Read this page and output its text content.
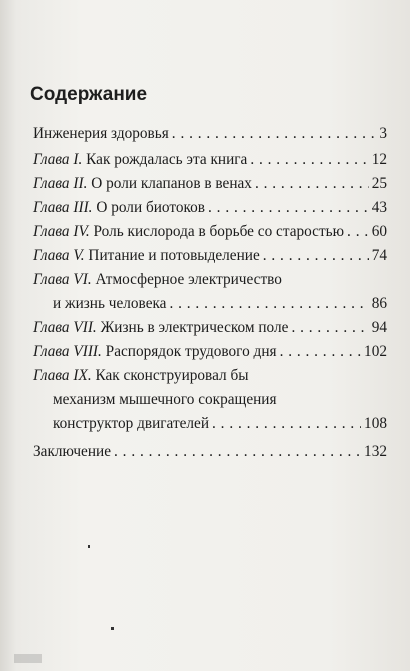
Содержание
Инженерия здоровья . . .	3
Глава I. Как рождалась эта книга . . .	12
Глава II. О роли клапанов в венах . . .	25
Глава III. О роли биотоков . . .	43
Глава IV. Роль кислорода в борьбе со старостью . . . 60
Глава V. Питание и потовыделение . . .	74
Глава VI. Атмосферное электричество
и жизнь человека . . .	86
Глава VII. Жизнь в электрическом поле . . .	94
Глава VIII. Распорядок трудового дня . . .	102
Глава IX. Как сконструировал бы
механизм мышечного сокращения
конструктор двигателей . . .	108
Заключение . . .	132
